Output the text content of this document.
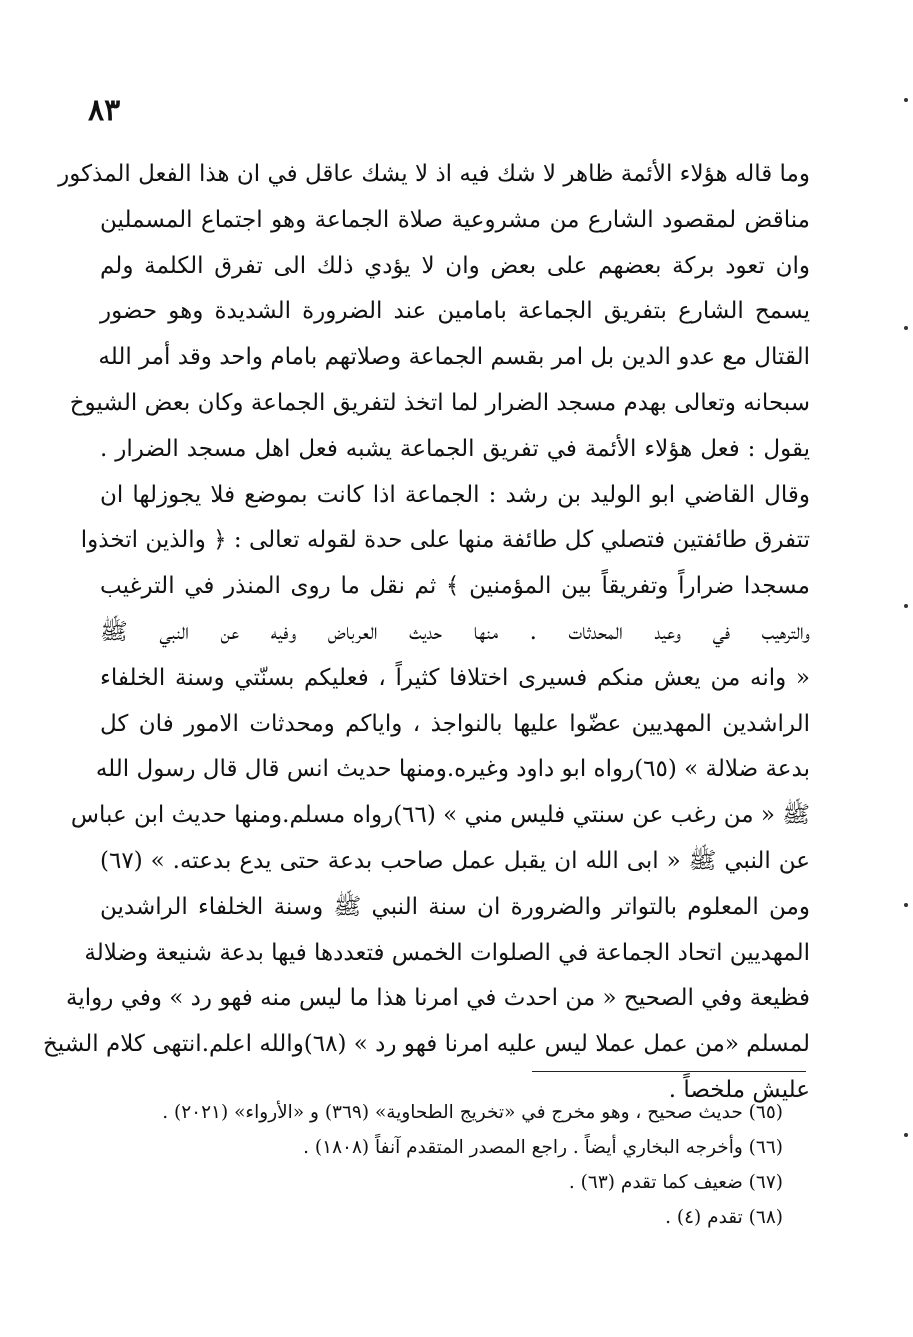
٨٣
وما قاله هؤلاء الأئمة ظاهر لا شك فيه اذ لا يشك عاقل في ان هذا الفعل المذكور
مناقض لمقصود الشارع من مشروعية صلاة الجماعة وهو اجتماع المسملين
وان تعود بركة بعضهم على بعض وان لا يؤدي ذلك الى تفرق الكلمة ولم
يسمح الشارع بتفريق الجماعة بامامين عند الضرورة الشديدة وهو حضور
القتال مع عدو الدين بل امر بقسم الجماعة وصلاتهم بامام واحد وقد أمر الله
سبحانه وتعالى بهدم مسجد الضرار لما اتخذ لتفريق الجماعة وكان بعض الشيوخ
يقول : فعل هؤلاء الأئمة في تفريق الجماعة يشبه فعل اهل مسجد الضرار .
وقال القاضي ابو الوليد بن رشد : الجماعة اذا كانت بموضع فلا يجوزلها ان
تتفرق طائفتين فتصلي كل طائفة منها على حدة لقوله تعالى : ﴿ والذين اتخذوا
مسجدا ضراراً وتفريقاً بين المؤمنين ﴾ ثم نقل ما روى المنذر في الترغيب
والترهيب في وعيد المحدثات . منها حديث العرباض وفيه عن النبي ﷺ
« وانه من يعش منكم فسيرى اختلافا كثيراً ، فعليكم بسنّتي وسنة الخلفاء
الراشدين المهديين عضّوا عليها بالنواجذ ، واياكم ومحدثات الامور فان كل
بدعة ضلالة » (٦٥)رواه ابو داود وغيره.ومنها حديث انس قال قال رسول الله
ﷺ « من رغب عن سنتي فليس مني » (٦٦)رواه مسلم.ومنها حديث ابن عباس
عن النبي ﷺ « ابى الله ان يقبل عمل صاحب بدعة حتى يدع بدعته. » (٦٧)
ومن المعلوم بالتواتر والضرورة ان سنة النبي ﷺ وسنة الخلفاء الراشدين
المهديين اتحاد الجماعة في الصلوات الخمس فتعددها فيها بدعة شنيعة وضلالة
فظيعة وفي الصحيح « من احدث في امرنا هذا ما ليس منه فهو رد » وفي رواية
لمسلم «من عمل عملا ليس عليه امرنا فهو رد » (٦٨)والله اعلم.انتهى كلام الشيخ
عليش ملخصاً .
(٦٥) حديث صحيح ، وهو مخرج في «تخريج الطحاوية» (٣٦٩) و «الأرواء» (٢٠٢١) .
(٦٦) وأخرجه البخاري أيضاً . راجع المصدر المتقدم آنفاً (١٨٠٨) .
(٦٧) ضعيف كما تقدم (٦٣) .
(٦٨) تقدم (٤) .
